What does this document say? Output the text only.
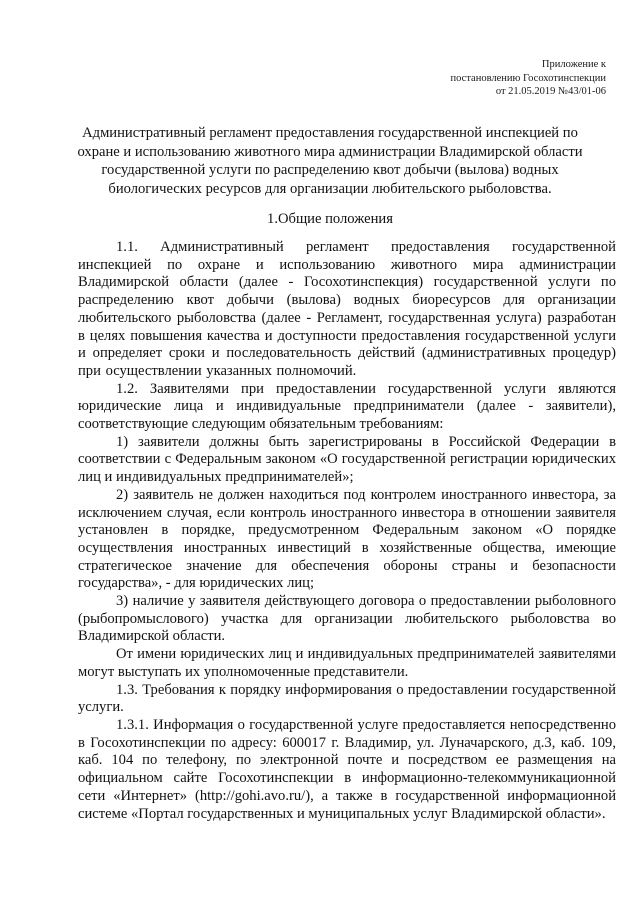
Приложение к
постановлению Госохотинспекции
от 21.05.2019 №43/01-06
Административный регламент предоставления государственной инспекцией по охране и использованию животного мира администрации Владимирской области государственной услуги по распределению квот добычи (вылова) водных биологических ресурсов для организации любительского рыболовства.
1.Общие положения

1.1. Административный регламент предоставления государственной инспекцией по охране и использованию животного мира администрации Владимирской области (далее - Госохотинспекция) государственной услуги по распределению квот добычи (вылова) водных биоресурсов для организации любительского рыболовства (далее - Регламент, государственная услуга) разработан в целях повышения качества и доступности предоставления государственной услуги и определяет сроки и последовательность действий (административных процедур) при осуществлении указанных полномочий.

1.2. Заявителями при предоставлении государственной услуги являются юридические лица и индивидуальные предприниматели (далее - заявители), соответствующие следующим обязательным требованиям:

1) заявители должны быть зарегистрированы в Российской Федерации в соответствии с Федеральным законом «О государственной регистрации юридических лиц и индивидуальных предпринимателей»;

2) заявитель не должен находиться под контролем иностранного инвестора, за исключением случая, если контроль иностранного инвестора в отношении заявителя установлен в порядке, предусмотренном Федеральным законом «О порядке осуществления иностранных инвестиций в хозяйственные общества, имеющие стратегическое значение для обеспечения обороны страны и безопасности государства», - для юридических лиц;

3) наличие у заявителя действующего договора о предоставлении рыболовного (рыбопромыслового) участка для организации любительского рыболовства во Владимирской области.

От имени юридических лиц и индивидуальных предпринимателей заявителями могут выступать их уполномоченные представители.

1.3. Требования к порядку информирования о предоставлении государственной услуги.

1.3.1. Информация о государственной услуге предоставляется непосредственно в Госохотинспекции по адресу: 600017 г. Владимир, ул. Луначарского, д.3, каб. 109, каб. 104 по телефону, по электронной почте и посредством ее размещения на официальном сайте Госохотинспекции в информационно-телекоммуникационной сети «Интернет» (http://gohi.avo.ru/), а также в государственной информационной системе «Портал государственных и муниципальных услуг Владимирской области».
